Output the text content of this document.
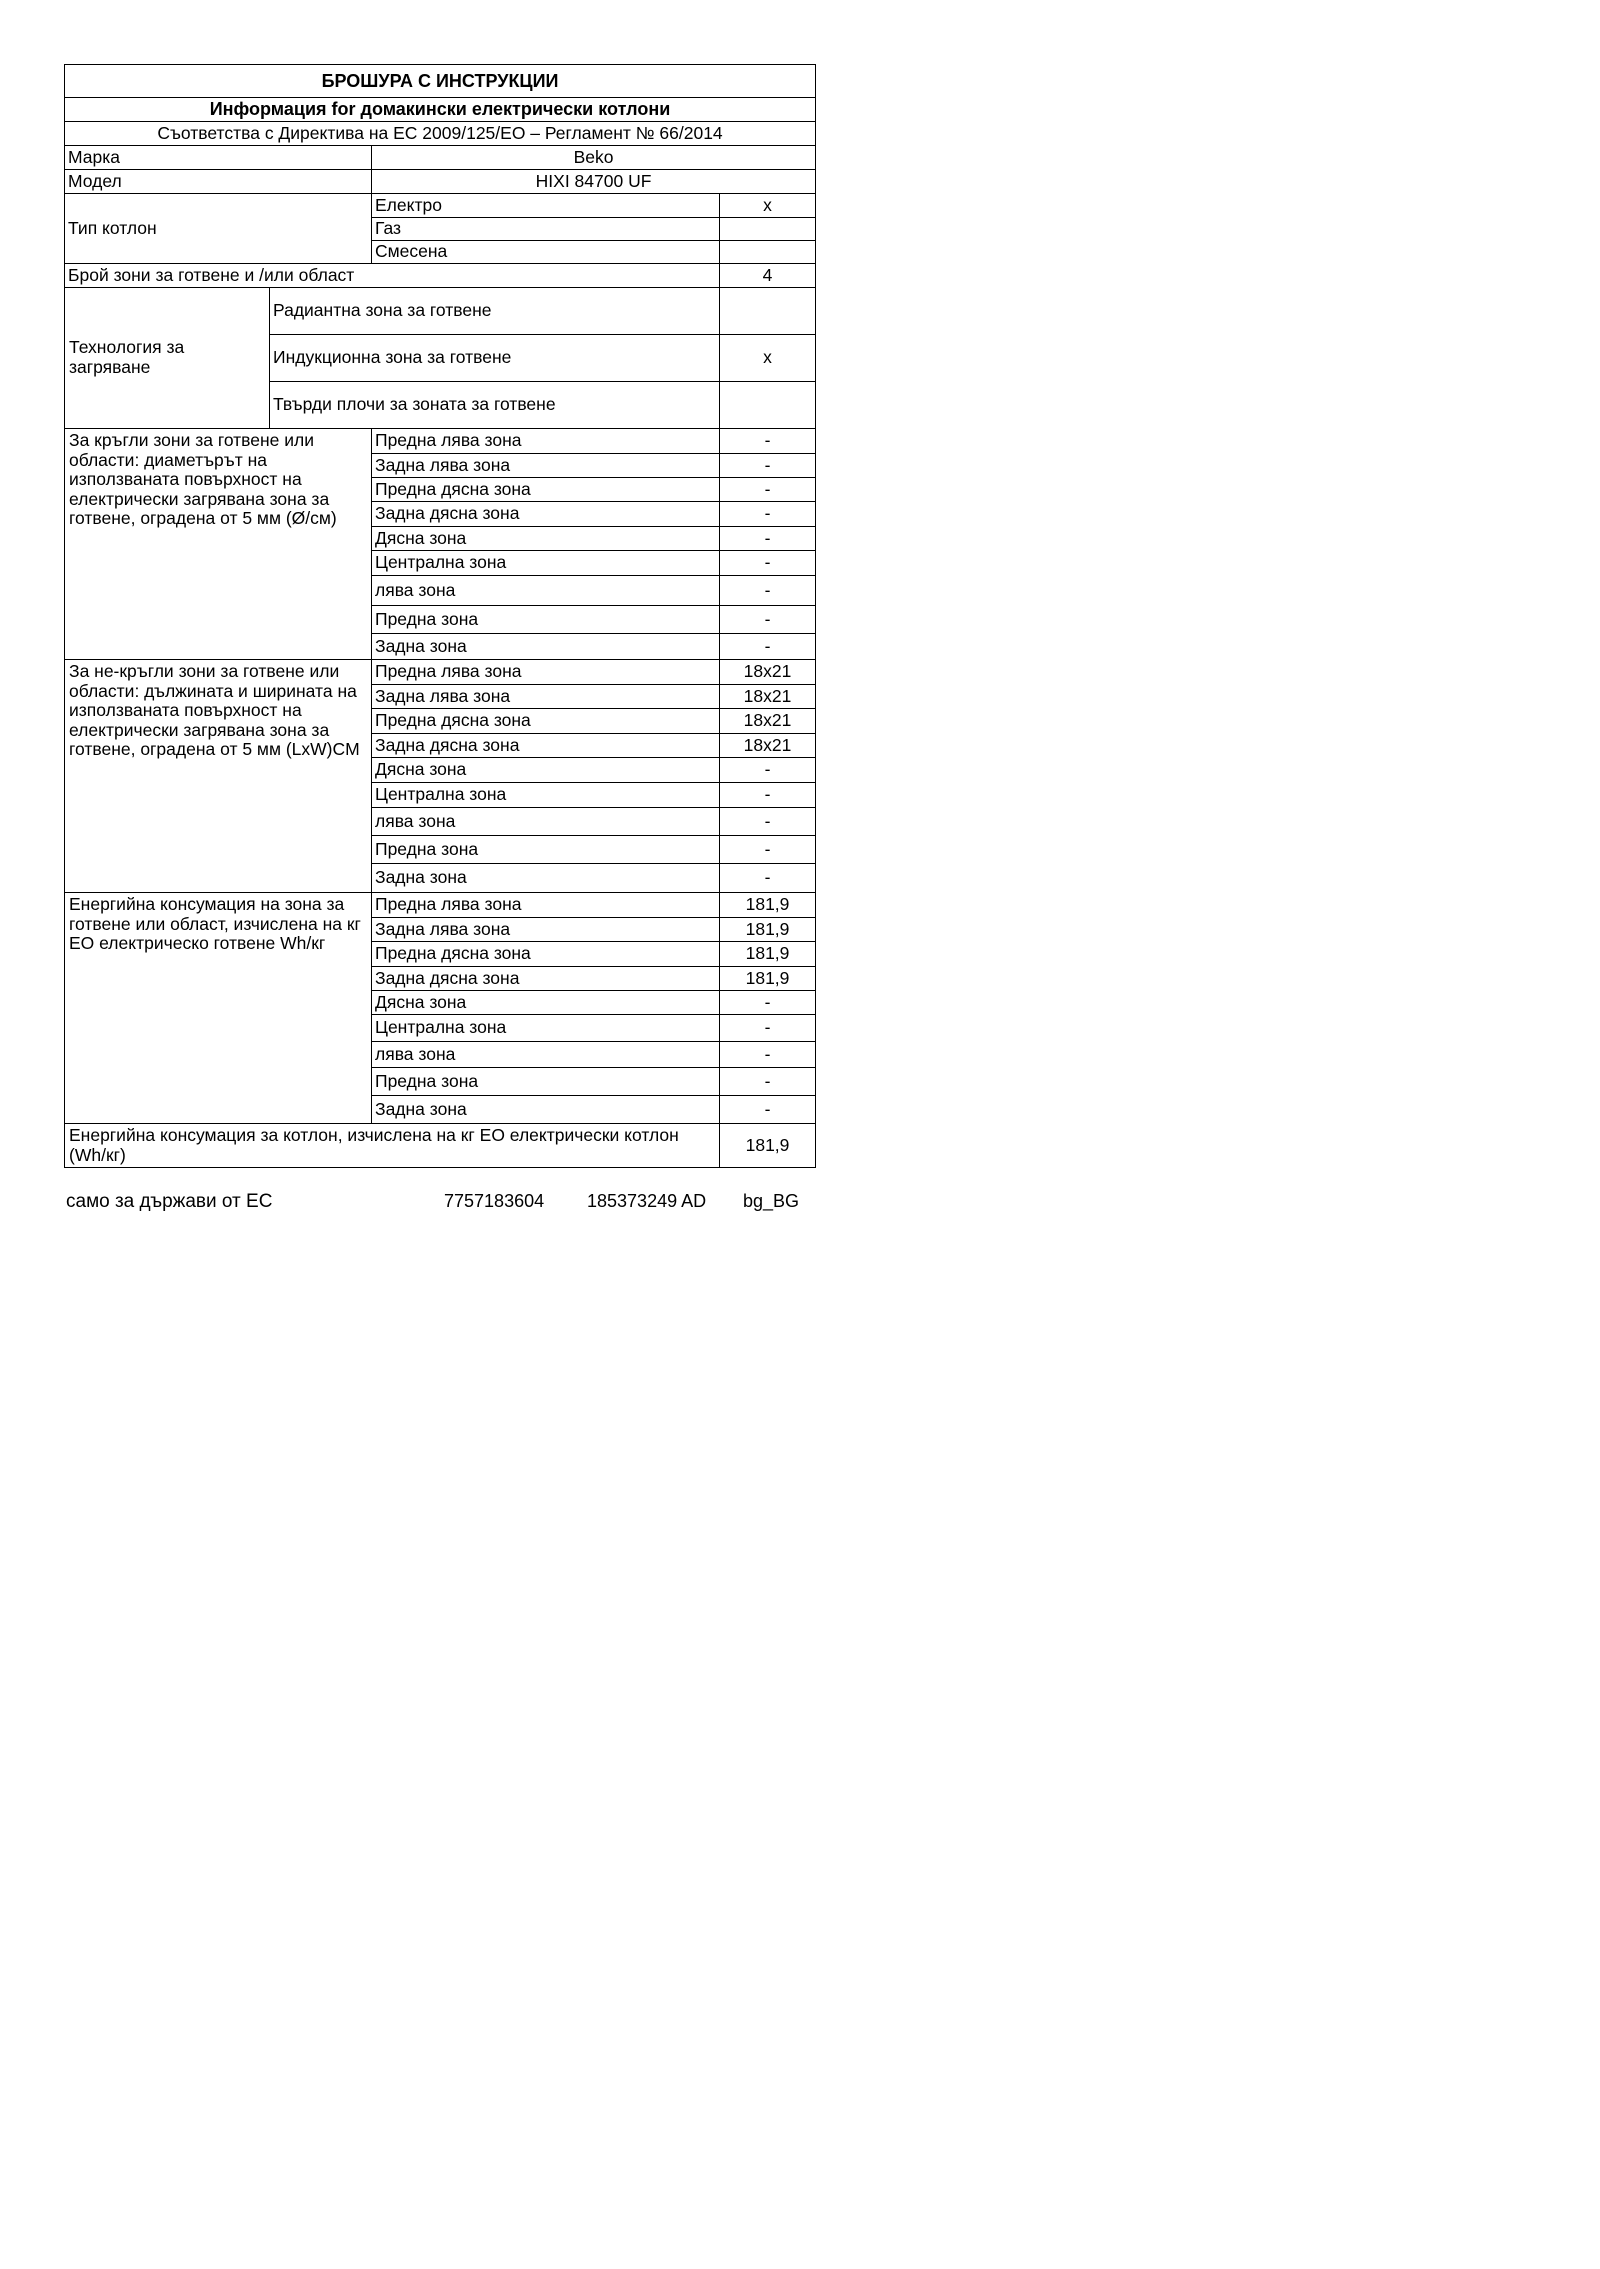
БРОШУРА С ИНСТРУКЦИИ			
Информация for домакински електрически котлони			
Съответства с Директива на ЕС 2009/125/ЕО – Регламент № 66/2014			
Марка		Beko	
Модел		HIXI 84700 UF	
Тип котлон		Електро	x
		Газ	
		Смесена	
Брой зони за готвене и /или област			4
Технология за загряване	Радиантна зона за готвене		
	Индукционна зона за готвене		x
	Твърди плочи за зоната за готвене		
За кръгли зони за готвене или области: диаметърът на използваната повърхност на електрически загрявана зона за готвене, оградена от 5 мм (Ø/см)		Предна лява зона	-
		Задна лява зона	-
		Предна дясна зона	-
		Задна дясна зона	-
		Дясна зона	-
		Централна зона	-
		лява зона	-
		Предна зона	-
		Задна зона	-
За не-кръгли зони за готвене или области: дължината и ширината на използваната повърхност на електрически загрявана зона за готвене, оградена от 5 мм (LxW)CM		Предна лява зона	18x21
		Задна лява зона	18x21
		Предна дясна зона	18x21
		Задна дясна зона	18x21
		Дясна зона	-
		Централна зона	-
		лява зона	-
		Предна зона	-
		Задна зона	-
Енергийна консумация на зона за готвене или област, изчислена на кг ЕО електрическо готвене Wh/кг		Предна лява зона	181,9
		Задна лява зона	181,9
		Предна дясна зона	181,9
		Задна дясна зона	181,9
		Дясна зона	-
		Централна зона	-
		лява зона	-
		Предна зона	-
		Задна зона	-
Енергийна консумация за котлон, изчислена на кг ЕО електрически котлон (Wh/кг)			181,9
само за държави от ЕС	7757183604 185373249 AD bg_BG
